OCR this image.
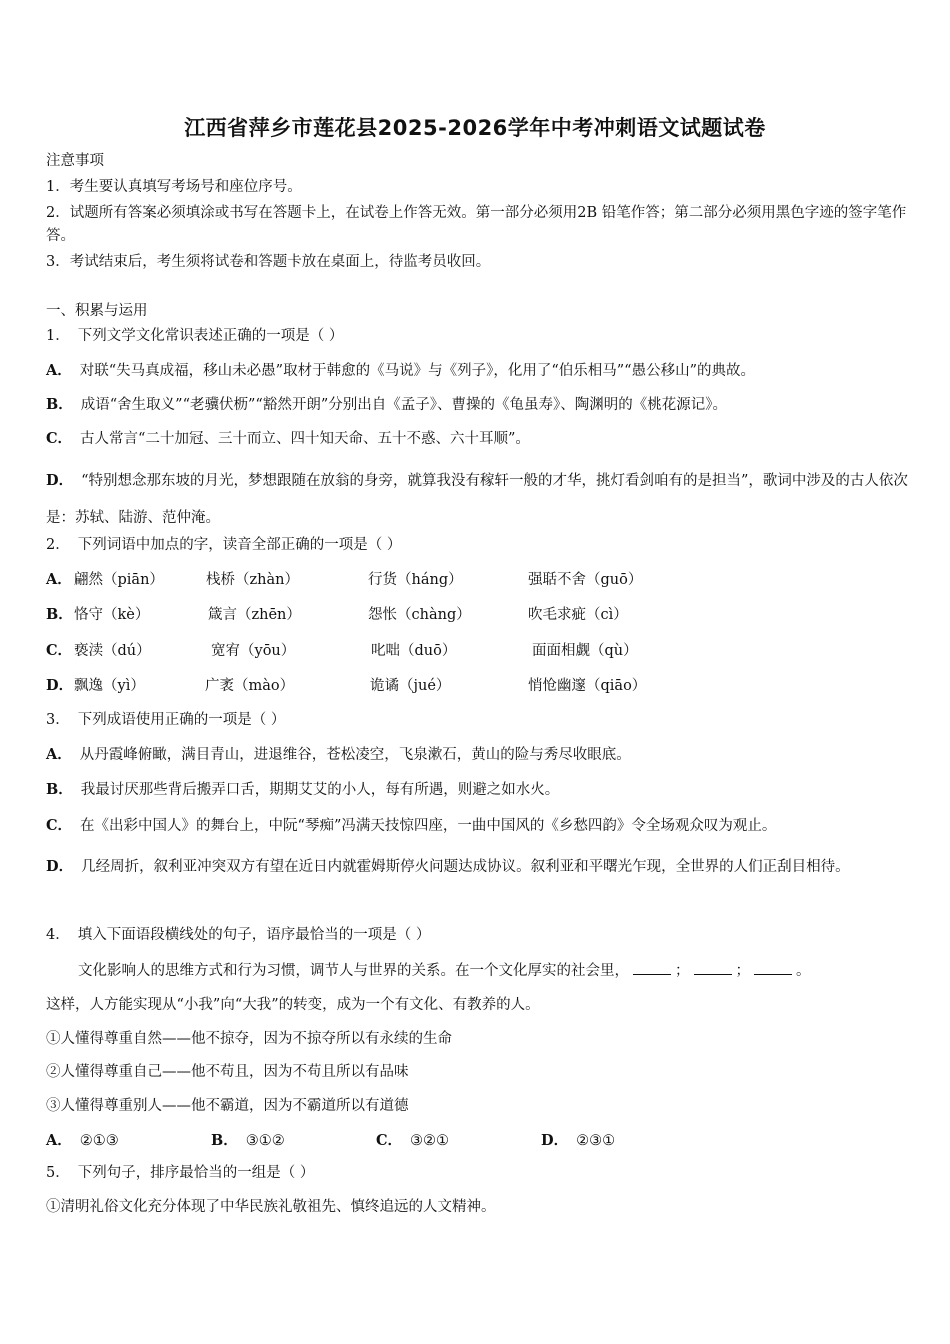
江西省萍乡市莲花县2025-2026学年中考冲刺语文试题试卷
注意事项
1．考生要认真填写考场号和座位序号。
2．试题所有答案必须填涂或书写在答题卡上，在试卷上作答无效。第一部分必须用2B 铅笔作答；第二部分必须用黑色字迹的签字笔作答。
3．考试结束后，考生须将试卷和答题卡放在桌面上，待监考员收回。
一、积累与运用
1． 下列文学文化常识表述正确的一项是（ ）
A． 对联“失马真成福，移山未必愚”取材于韩愈的《马说》与《列子》，化用了“伯乐相马”“愚公移山”的典故。
B． 成语“舍生取义”“老骥伏枥”“豁然开朗”分别出自《孟子》、曹操的《龟虽寿》、陶渊明的《桃花源记》。
C． 古人常言“二十加冠、三十而立、四十知天命、五十不惑、六十耳顺”。
D． “特别想念那东坡的月光，梦想跟随在放翁的身旁，就算我没有稼轩一般的才华，挑灯看剑咱有的是担当”，歌词中涉及的古人依次是：苏轼、陆游、范仲淹。
2． 下列词语中加点的字，读音全部正确的一项是（ ）
A． 翩然（piān）	栈桥（zhàn）	行货（háng）	强聒不舍（guō）
B． 恪守（kè）	箴言（zhēn）	怨怅（chàng）	吹毛求疵（cì）
C． 亵渎（dú）	宽宥（yōu）	叱咄（duō）	面面相觑（qù）
D． 飘逸（yì）	广袤（mào）	诡谲（jué）	悄怆幽邃（qiāo）
3． 下列成语使用正确的一项是（ ）
A． 从丹霞峰俯瞰，满目青山，进退维谷，苍松凌空，飞泉漱石，黄山的险与秀尽收眼底。
B． 我最讨厌那些背后搬弄口舌，期期艾艾的小人，每有所遇，则避之如水火。
C． 在《出彩中国人》的舞台上，中阮“琴痴”冯满天技惊四座，一曲中国风的《乡愁四韵》令全场观众叹为观止。
D． 几经周折，叙利亚冲突双方有望在近日内就霍姆斯停火问题达成协议。叙利亚和平曙光乍现，全世界的人们正刮目相待。
4． 填入下面语段横线处的句子，语序最恰当的一项是（ ）
文化影响人的思维方式和行为习惯，调节人与世界的关系。在一个文化厚实的社会里，	；	；	。
这样，人方能实现从“小我”向“大我”的转变，成为一个有文化、有教养的人。
①人懂得尊重自然——他不掠夺，因为不掠夺所以有永续的生命
②人懂得尊重自己——他不苟且，因为不苟且所以有品味
③人懂得尊重别人——他不霸道，因为不霸道所以有道德
A． ②①③	B． ③①②	C． ③②①	D． ②③①
5． 下列句子，排序最恰当的一组是（ ）
①清明礼俗文化充分体现了中华民族礼敬祖先、慎终追远的人文精神。
